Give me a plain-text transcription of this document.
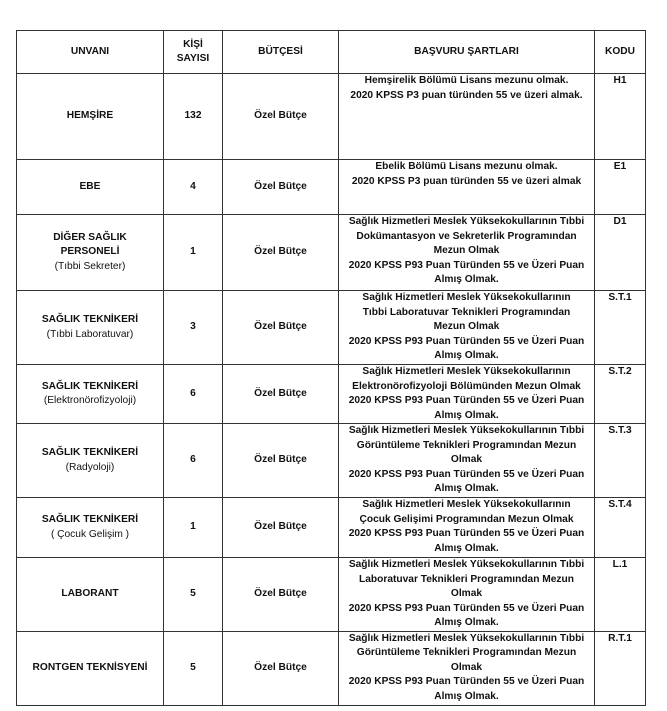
UNVANI	KİŞİ
SAYISI	BÜTÇESİ	BAŞVURU ŞARTLARI	KODU

HEMŞİRE	132	Özel Bütçe	Hemşirelik Bölümü Lisans mezunu olmak.
2020 KPSS P3 puan türünden 55 ve üzeri almak.	H1

EBE	4	Özel Bütçe	Ebelik Bölümü Lisans mezunu olmak.
2020 KPSS P3 puan türünden 55 ve üzeri almak	E1

DİĞER SAĞLIK
PERSONELİ
(Tıbbi Sekreter)	1	Özel Bütçe	Sağlık Hizmetleri Meslek Yüksekokullarının Tıbbi
Dokümantasyon ve Sekreterlik Programından
Mezun Olmak
2020 KPSS P93 Puan Türünden 55 ve Üzeri Puan
Almış Olmak.	D1

SAĞLIK TEKNİKERİ
(Tıbbi Laboratuvar)	3	Özel Bütçe	Sağlık Hizmetleri Meslek Yüksekokullarının
Tıbbi Laboratuvar Teknikleri Programından
Mezun Olmak
2020 KPSS P93 Puan Türünden 55 ve Üzeri Puan
Almış Olmak.	S.T.1

SAĞLIK TEKNİKERİ
(Elektronörofizyoloji)	6	Özel Bütçe	Sağlık Hizmetleri Meslek Yüksekokullarının
Elektronörofizyoloji Bölümünden Mezun Olmak
2020 KPSS P93 Puan Türünden 55 ve Üzeri Puan
Almış Olmak.	S.T.2

SAĞLIK TEKNİKERİ
(Radyoloji)	6	Özel Bütçe	Sağlık Hizmetleri Meslek Yüksekokullarının Tıbbi
Görüntüleme Teknikleri Programından Mezun
Olmak
2020 KPSS P93 Puan Türünden 55 ve Üzeri Puan
Almış Olmak.	S.T.3

SAĞLIK TEKNİKERİ
( Çocuk Gelişim )	1	Özel Bütçe	Sağlık Hizmetleri Meslek Yüksekokullarının
Çocuk Gelişimi Programından Mezun Olmak
2020 KPSS P93 Puan Türünden 55 ve Üzeri Puan
Almış Olmak.	S.T.4

LABORANT	5	Özel Bütçe	Sağlık Hizmetleri Meslek Yüksekokullarının Tıbbi
Laboratuvar Teknikleri Programından Mezun
Olmak
2020 KPSS P93 Puan Türünden 55 ve Üzeri Puan
Almış Olmak.	L.1

RONTGEN TEKNİSYENİ	5	Özel Bütçe	Sağlık Hizmetleri Meslek Yüksekokullarının Tıbbi
Görüntüleme Teknikleri Programından Mezun
Olmak
2020 KPSS P93 Puan Türünden 55 ve Üzeri Puan
Almış Olmak.	R.T.1
